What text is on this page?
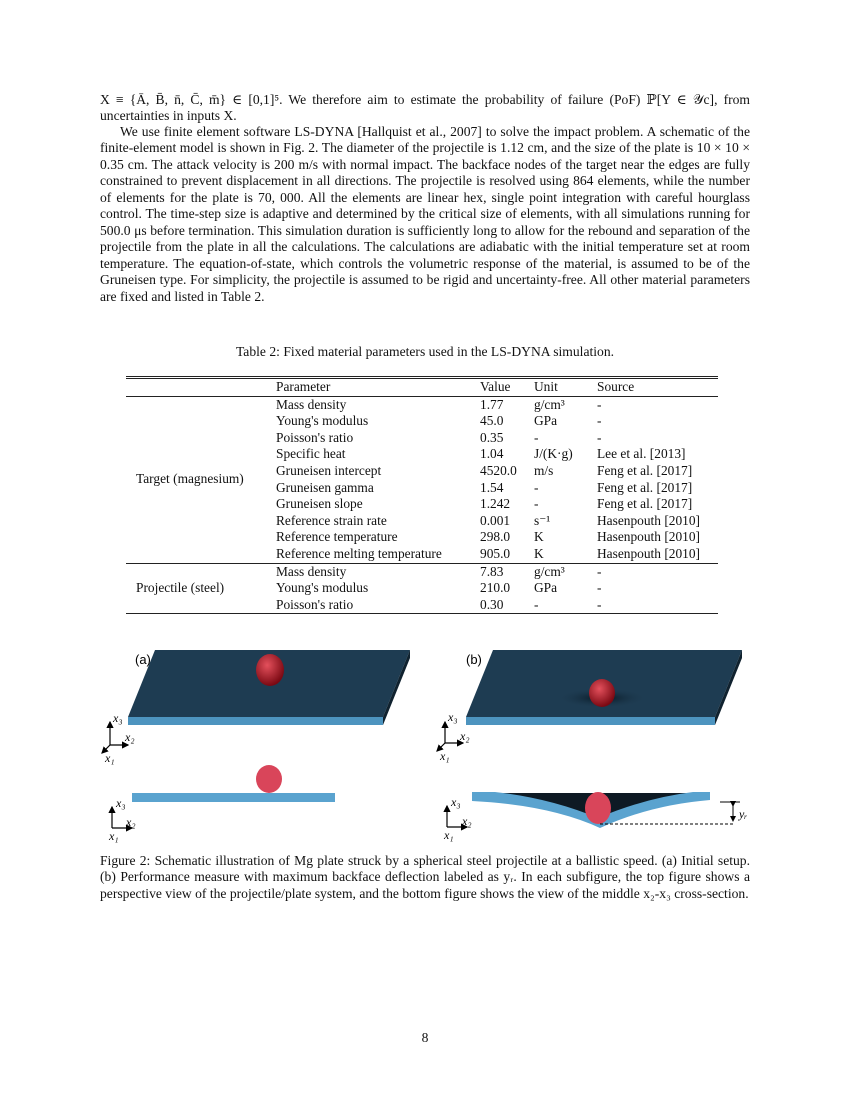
X ≡ {Ā, B̄, n̄, C̄, m̄} ∈ [0,1]⁵. We therefore aim to estimate the probability of failure (PoF) ℙ[Y ∈ 𝒴c], from uncertainties in inputs X.
We use finite element software LS-DYNA [Hallquist et al., 2007] to solve the impact problem. A schematic of the finite-element model is shown in Fig. 2. The diameter of the projectile is 1.12 cm, and the size of the plate is 10 × 10 × 0.35 cm. The attack velocity is 200 m/s with normal impact. The backface nodes of the target near the edges are fully constrained to prevent displacement in all directions. The projectile is resolved using 864 elements, while the number of elements for the plate is 70, 000. All the elements are linear hex, single point integration with careful hourglass control. The time-step size is adaptive and determined by the critical size of elements, with all simulations running for 500.0 μs before termination. This simulation duration is sufficiently long to allow for the rebound and separation of the projectile from the plate in all the calculations. The calculations are adiabatic with the initial temperature set at room temperature. The equation-of-state, which controls the volumetric response of the material, is assumed to be of the Gruneisen type. For simplicity, the projectile is assumed to be rigid and uncertainty-free. All other material parameters are fixed and listed in Table 2.
Table 2: Fixed material parameters used in the LS-DYNA simulation.
	Parameter	Value	Unit	Source
Target (magnesium)	Mass density	1.77	g/cm³	-
	Young's modulus	45.0	GPa	-
	Poisson's ratio	0.35	-	-
	Specific heat	1.04	J/(K·g)	Lee et al. [2013]
	Gruneisen intercept	4520.0	m/s	Feng et al. [2017]
	Gruneisen gamma	1.54	-	Feng et al. [2017]
	Gruneisen slope	1.242	-	Feng et al. [2017]
	Reference strain rate	0.001	s⁻¹	Hasenpouth [2010]
	Reference temperature	298.0	K	Hasenpouth [2010]
	Reference melting temperature	905.0	K	Hasenpouth [2010]
Projectile (steel)	Mass density	7.83	g/cm³	-
	Young's modulus	210.0	GPa	-
	Poisson's ratio	0.30	-	-
(a)
x₃
x₂
x₁
x₃
x₂
x₁
(b)
x₃
x₂
x₁
yᵣ
x₃
x₂
x₁
Figure 2: Schematic illustration of Mg plate struck by a spherical steel projectile at a ballistic speed. (a) Initial setup. (b) Performance measure with maximum backface deflection labeled as yᵣ. In each subfigure, the top figure shows a perspective view of the projectile/plate system, and the bottom figure shows the view of the middle x₂-x₃ cross-section.
8
